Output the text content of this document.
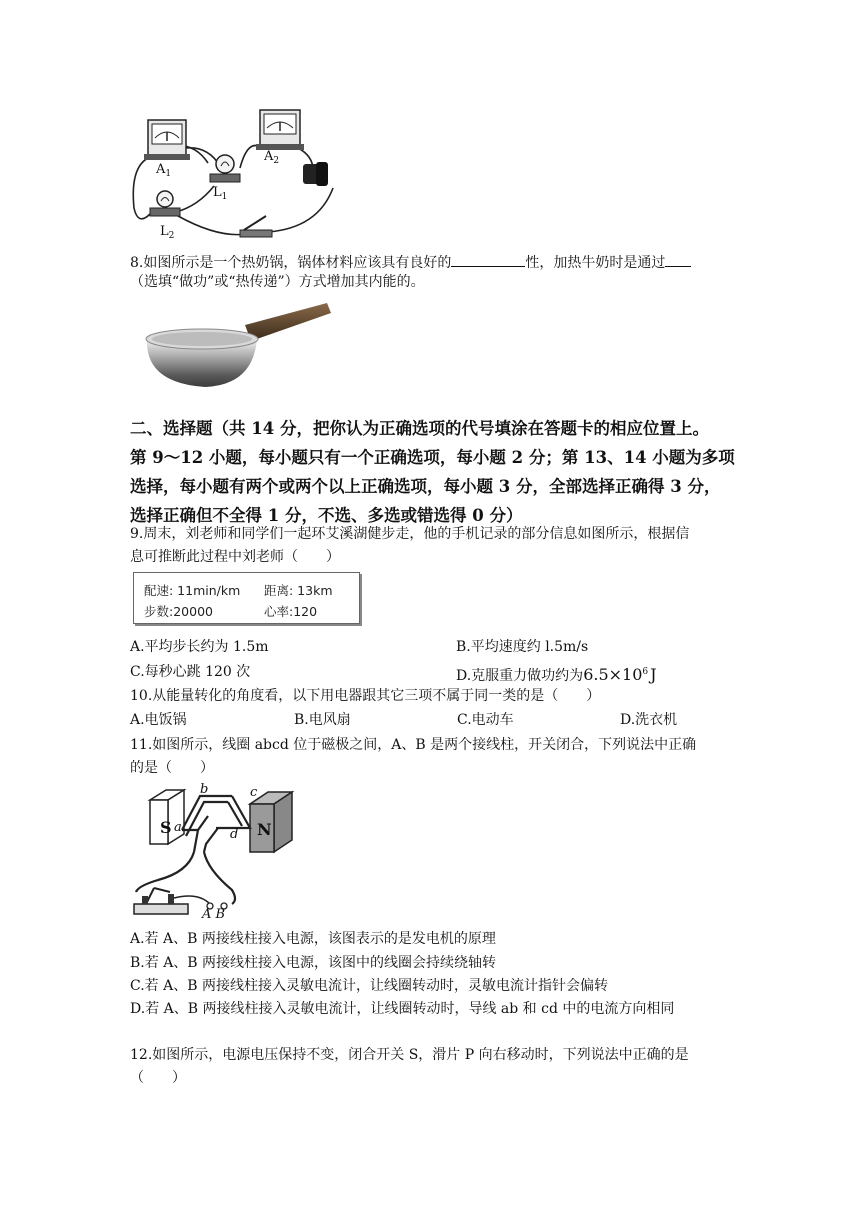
$A_1$
$A_2$
$L_1$
$L_2$
8.如图所示是一个热奶锅，锅体材料应该具有良好的	性，加热牛奶时是通过
（选填“做功”或“热传递”）方式增加其内能的。
二、选择题（共 14 分，把你认为正确选项的代号填涂在答题卡的相应位置上。
第 9～12 小题，每小题只有一个正确选项，每小题 2 分；第 13、14 小题为多项
选择，每小题有两个或两个以上正确选项，每小题 3 分，全部选择正确得 3 分，
选择正确但不全得 1 分，不选、多选或错选得 0 分）
9.周末，刘老师和同学们一起环艾溪湖健步走，他的手机记录的部分信息如图所示，根据信
息可推断此过程中刘老师（　　）
配速: 11min/km 距离: 13km
步数:20000	心率:120
A.平均步长约为 1.5m	B.平均速度约 l.5m/s
C.每秒心跳 120 次	D.克服重力做功约为$6.5\times 10^6$ J
10.从能量转化的角度看，以下用电器跟其它三项不属于同一类的是（　　）
A.电饭锅	B.电风扇	C.电动车	D.洗衣机
11.如图所示，线圈 abcd 位于磁极之间，A、B 是两个接线柱，开关闭合，下列说法中正确
的是（　　）
S	N
a
b	c
d
A B
A.若 A、B 两接线柱接入电源，该图表示的是发电机的原理
B.若 A、B 两接线柱接入电源，该图中的线圈会持续绕轴转
C.若 A、B 两接线柱接入灵敏电流计，让线圈转动时，灵敏电流计指针会偏转
D.若 A、B 两接线柱接入灵敏电流计，让线圈转动时，导线 ab 和 cd 中的电流方向相同
12.如图所示，电源电压保持不变，闭合开关 S，滑片 P 向右移动时，下列说法中正确的是
（　　）
